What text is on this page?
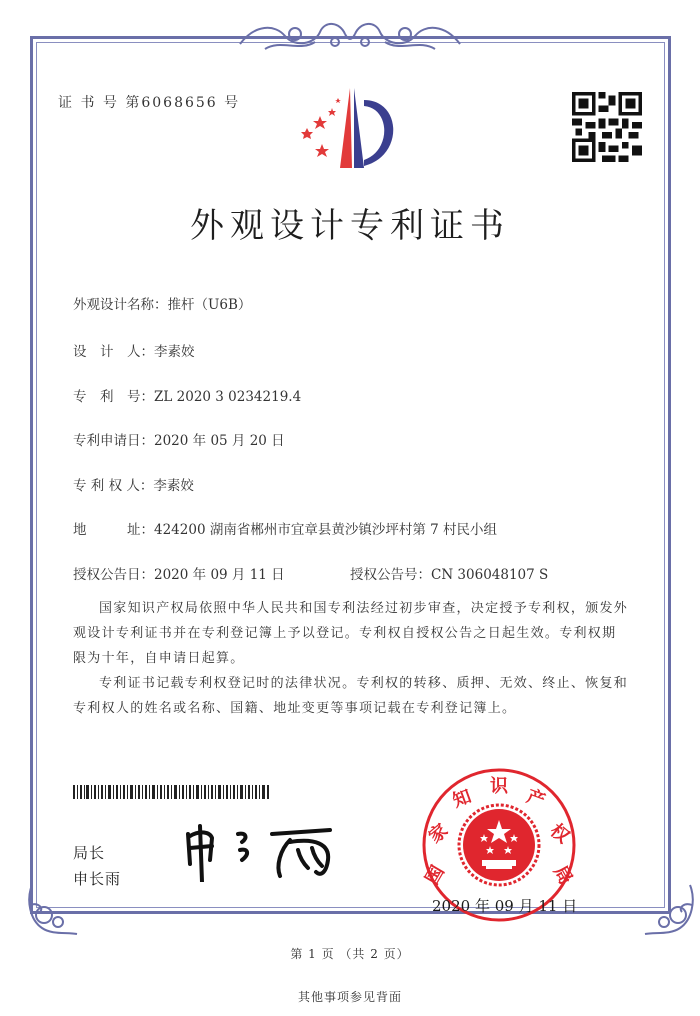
证 书 号 第6068656 号
外观设计专利证书
外观设计名称：推杆（U6B）
设　计　人：李素姣
专　利　号：ZL 2020 3 0234219.4
专利申请日：2020 年 05 月 20 日
专 利 权 人：李素姣
地　　　址：424200 湖南省郴州市宜章县黄沙镇沙坪村第 7 村民小组
授权公告日：2020 年 09 月 11 日	授权公告号：CN 306048107 S
国家知识产权局依照中华人民共和国专利法经过初步审查，决定授予专利权，颁发外观设计专利证书并在专利登记簿上予以登记。专利权自授权公告之日起生效。专利权期限为十年，自申请日起算。
专利证书记载专利权登记时的法律状况。专利权的转移、质押、无效、终止、恢复和专利权人的姓名或名称、国籍、地址变更等事项记载在专利登记簿上。
局长
申长雨	国
家
知 识 产
权
局
2020 年 09 月 11 日
第 1 页 （共 2 页）
其他事项参见背面
